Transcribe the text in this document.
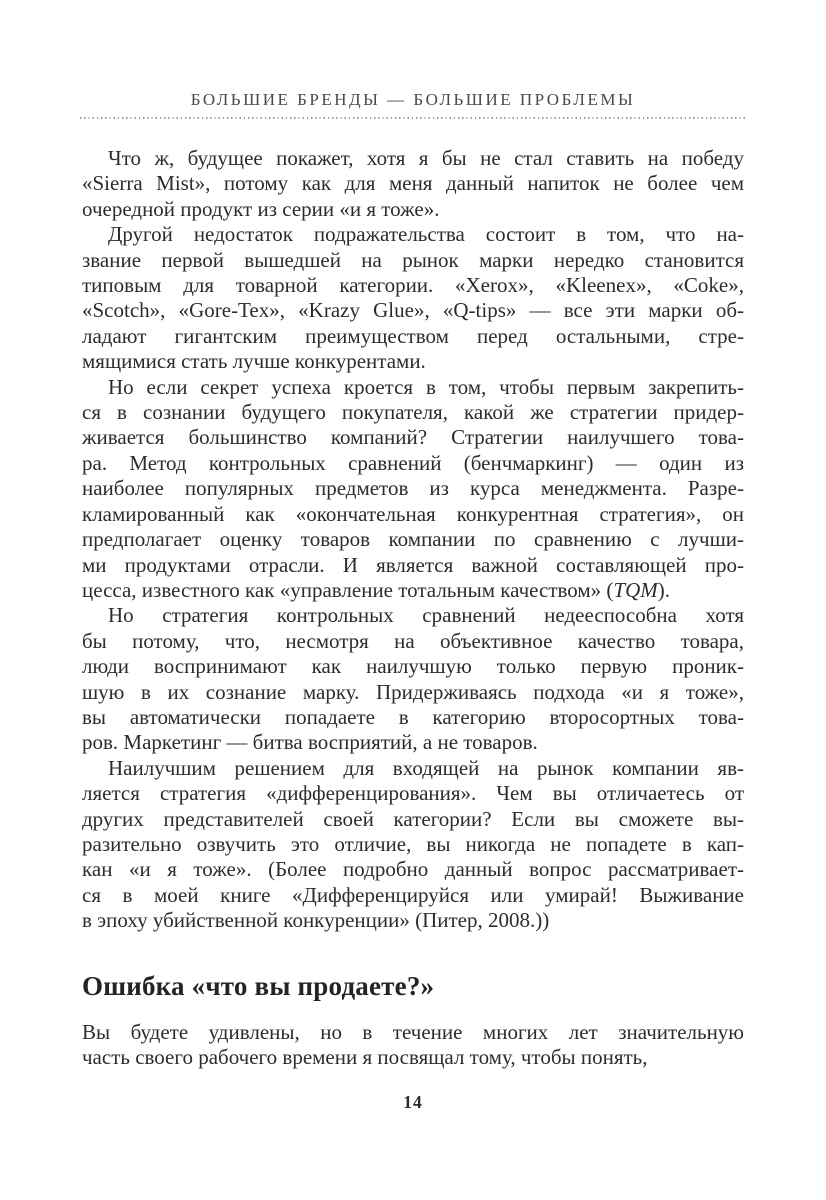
БОЛЬШИЕ БРЕНДЫ — БОЛЬШИЕ ПРОБЛЕМЫ
Что ж, будущее покажет, хотя я бы не стал ставить на победу
«Sierra Mist», потому как для меня данный напиток не более чем
очередной продукт из серии «и я тоже».
Другой недостаток подражательства состоит в том, что на-
звание первой вышедшей на рынок марки нередко становится
типовым для товарной категории. «Xerox», «Kleenex», «Coke»,
«Scotch», «Gore-Tex», «Krazy Glue», «Q-tips» — все эти марки об-
ладают гигантским преимуществом перед остальными, стре-
мящимися стать лучше конкурентами.
Но если секрет успеха кроется в том, чтобы первым закрепить-
ся в сознании будущего покупателя, какой же стратегии придер-
живается большинство компаний? Стратегии наилучшего това-
ра. Метод контрольных сравнений (бенчмаркинг) — один из
наиболее популярных предметов из курса менеджмента. Разре-
кламированный как «окончательная конкурентная стратегия», он
предполагает оценку товаров компании по сравнению с лучши-
ми продуктами отрасли. И является важной составляющей про-
цесса, известного как «управление тотальным качеством» (TQM).
Но стратегия контрольных сравнений недееспособна хотя
бы потому, что, несмотря на объективное качество товара,
люди воспринимают как наилучшую только первую проник-
шую в их сознание марку. Придерживаясь подхода «и я тоже»,
вы автоматически попадаете в категорию второсортных това-
ров. Маркетинг — битва восприятий, а не товаров.
Наилучшим решением для входящей на рынок компании яв-
ляется стратегия «дифференцирования». Чем вы отличаетесь от
других представителей своей категории? Если вы сможете вы-
разительно озвучить это отличие, вы никогда не попадете в кап-
кан «и я тоже». (Более подробно данный вопрос рассматривает-
ся в моей книге «Дифференцируйся или умирай! Выживание
в эпоху убийственной конкуренции» (Питер, 2008.))
Ошибка «что вы продаете?»
Вы будете удивлены, но в течение многих лет значительную
часть своего рабочего времени я посвящал тому, чтобы понять,
14
